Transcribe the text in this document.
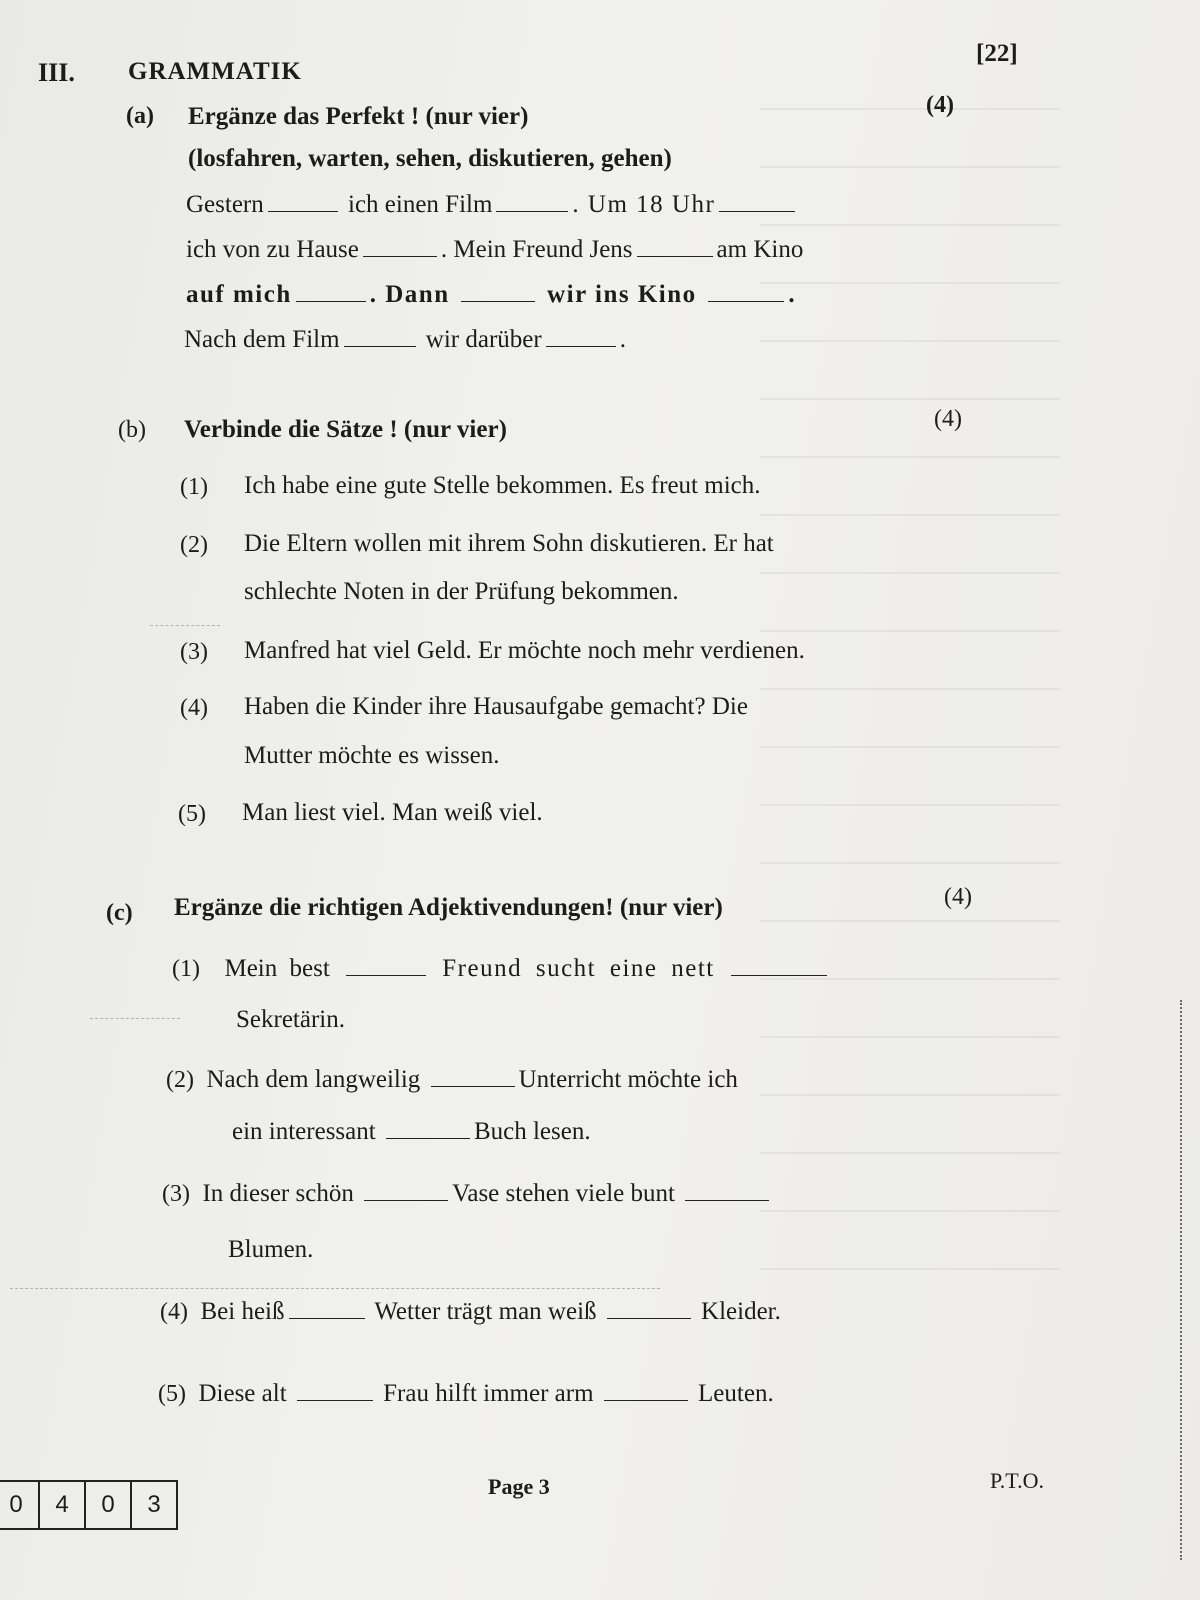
III. GRAMMATIK
[22]
(a) Ergänze das Perfekt ! (nur vier)	(4)
(losfahren, warten, sehen, diskutieren, gehen)
Gestern	ich einen Film	. Um 18 Uhr
ich von zu Hause	. Mein Freund Jens	am Kino
auf mich	. Dann	wir ins Kino	.
Nach dem Film	wir darüber	.
(b) Verbinde die Sätze ! (nur vier)	(4)
(1) Ich habe eine gute Stelle bekommen. Es freut mich.
(2) Die Eltern wollen mit ihrem Sohn diskutieren. Er hat
schlechte Noten in der Prüfung bekommen.
(3) Manfred hat viel Geld. Er möchte noch mehr verdienen.
(4) Haben die Kinder ihre Hausaufgabe gemacht? Die
Mutter möchte es wissen.
(5) Man liest viel. Man weiß viel.
(c) Ergänze die richtigen Adjektivendungen! (nur vier)	(4)
(1) Mein best	Freund sucht eine nett
Sekretärin.
(2) Nach dem langweilig	Unterricht möchte ich
ein interessant	Buch lesen.
(3) In dieser schön	Vase stehen viele bunt
Blumen.
(4) Bei heiß	Wetter trägt man weiß	Kleider.
(5) Diese alt	Frau hilft immer arm	Leuten.
0	4	0	3
Page 3	P.T.O.
